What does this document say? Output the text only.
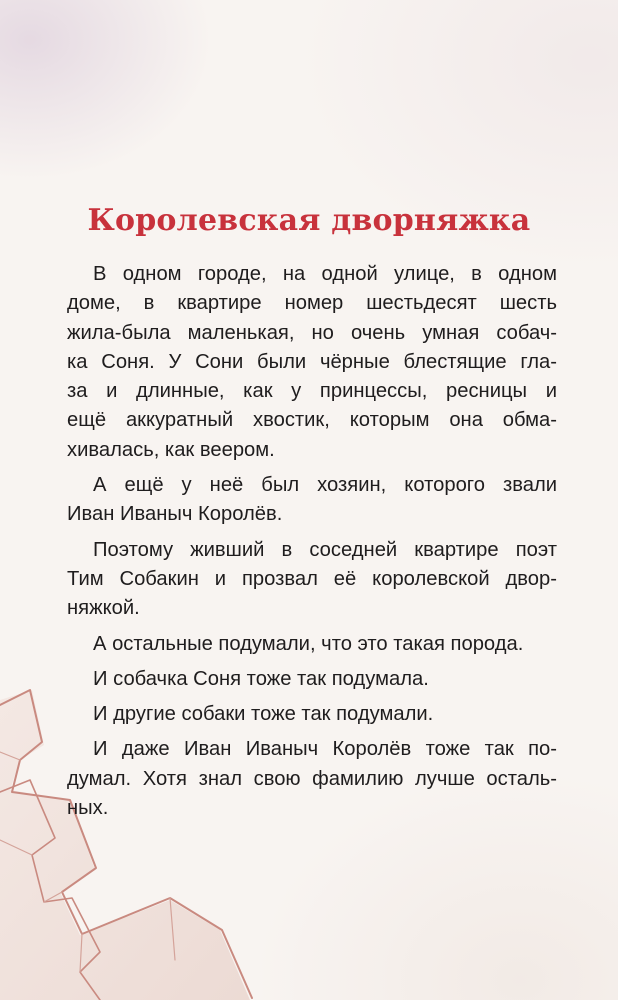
Королевская дворняжка

В одном городе, на одной улице, в одном
доме, в квартире номер шестьдесят шесть
жила-была маленькая, но очень умная собач-
ка Соня. У Сони были чёрные блестящие гла-
за и длинные, как у принцессы, ресницы и
ещё аккуратный хвостик, которым она обма-
хивалась, как веером.

А ещё у неё был хозяин, которого звали
Иван Иваныч Королёв.

Поэтому живший в соседней квартире поэт
Тим Собакин и прозвал её королевской двор-
няжкой.

А остальные подумали, что это такая порода.

И собачка Соня тоже так подумала.

И другие собаки тоже так подумали.

И даже Иван Иваныч Королёв тоже так по-
думал. Хотя знал свою фамилию лучше осталь-
ных.
